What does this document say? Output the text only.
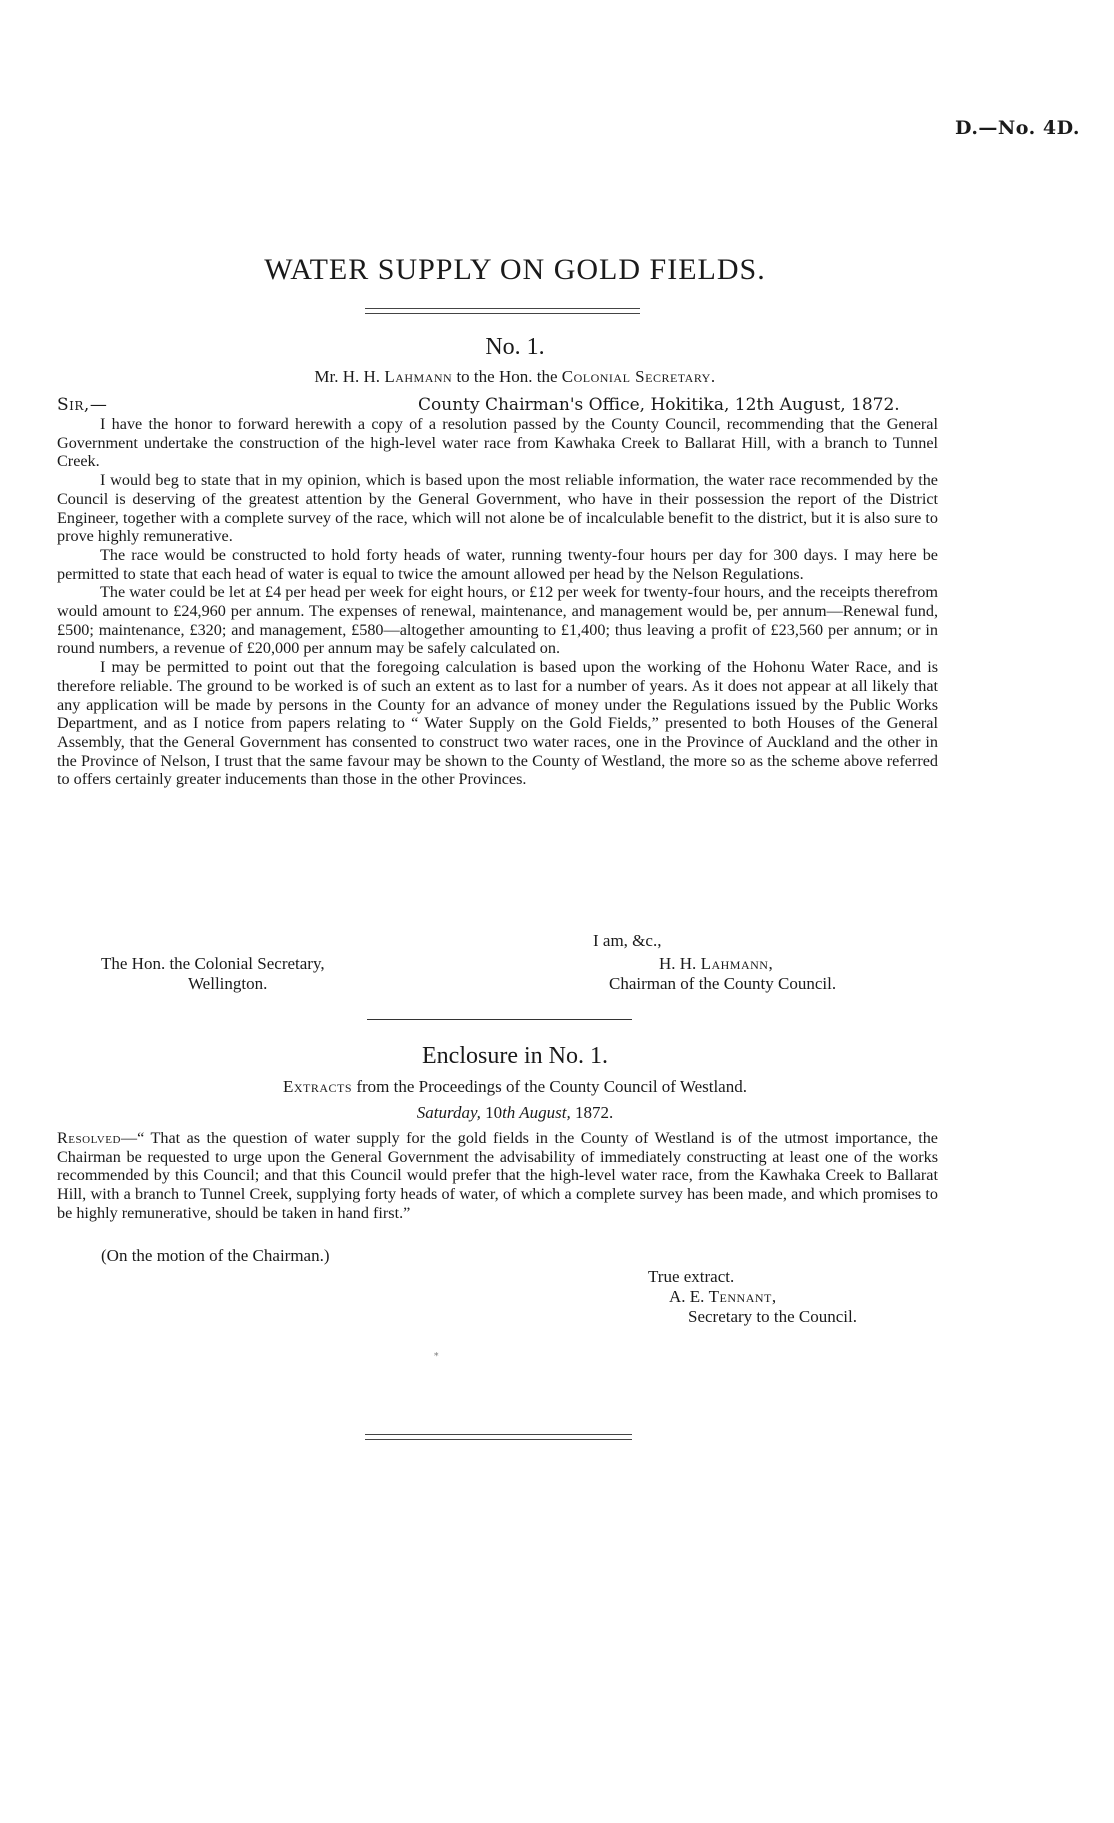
D.—No. 4D.
WATER SUPPLY ON GOLD FIELDS.
No. 1.
Mr. H. H. Lahmann to the Hon. the Colonial Secretary.
Sir,—	County Chairman's Office, Hokitika, 12th August, 1872.

I have the honor to forward herewith a copy of a resolution passed by the County Council, recommending that the General Government undertake the construction of the high-level water race from Kawhaka Creek to Ballarat Hill, with a branch to Tunnel Creek.

I would beg to state that in my opinion, which is based upon the most reliable information, the water race recommended by the Council is deserving of the greatest attention by the General Government, who have in their possession the report of the District Engineer, together with a complete survey of the race, which will not alone be of incalculable benefit to the district, but it is also sure to prove highly remunerative.

The race would be constructed to hold forty heads of water, running twenty-four hours per day for 300 days. I may here be permitted to state that each head of water is equal to twice the amount allowed per head by the Nelson Regulations.

The water could be let at £4 per head per week for eight hours, or £12 per week for twenty-four hours, and the receipts therefrom would amount to £24,960 per annum. The expenses of renewal, maintenance, and management would be, per annum—Renewal fund, £500; maintenance, £320; and management, £580—altogether amounting to £1,400; thus leaving a profit of £23,560 per annum; or in round numbers, a revenue of £20,000 per annum may be safely calculated on.

I may be permitted to point out that the foregoing calculation is based upon the working of the Hohonu Water Race, and is therefore reliable. The ground to be worked is of such an extent as to last for a number of years. As it does not appear at all likely that any application will be made by persons in the County for an advance of money under the Regulations issued by the Public Works Department, and as I notice from papers relating to “ Water Supply on the Gold Fields,” presented to both Houses of the General Assembly, that the General Government has consented to construct two water races, one in the Province of Auckland and the other in the Province of Nelson, I trust that the same favour may be shown to the County of Westland, the more so as the scheme above referred to offers certainly greater inducements than those in the other Provinces.

I am, &c.,
The Hon. the Colonial Secretary,
Wellington.
H. H. Lahmann,
Chairman of the County Council.
Enclosure in No. 1.
Extracts from the Proceedings of the County Council of Westland.
Saturday, 10th August, 1872.

Resolved—“ That as the question of water supply for the gold fields in the County of Westland is of the utmost importance, the Chairman be requested to urge upon the General Government the advisability of immediately constructing at least one of the works recommended by this Council; and that this Council would prefer that the high-level water race, from the Kawhaka Creek to Ballarat Hill, with a branch to Tunnel Creek, supplying forty heads of water, of which a complete survey has been made, and which promises to be highly remunerative, should be taken in hand first.”

(On the motion of the Chairman.)
True extract.
A. E. Tennant,
Secretary to the Council.
*
